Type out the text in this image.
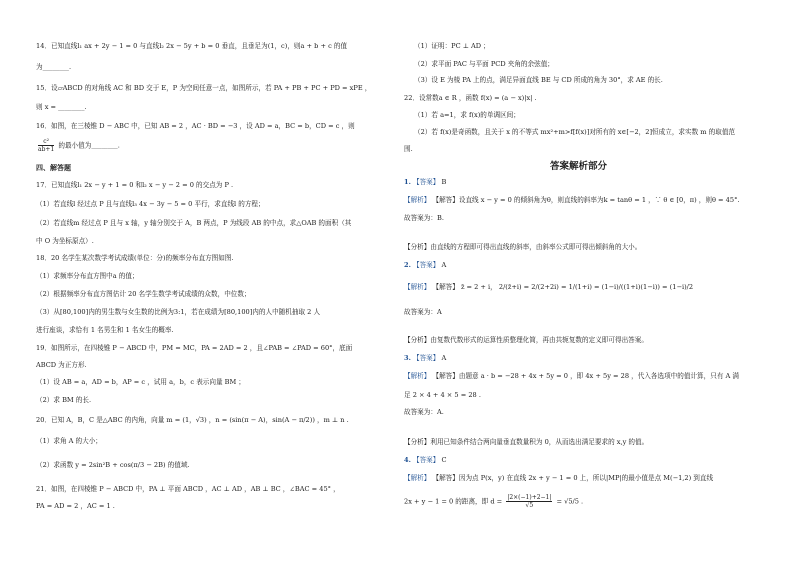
14．已知直线l₁ ax + 2y − 1 = 0 与直线l₂ 2x − 5y + b = 0 垂直，且垂足为(1，c)，则a + b + c 的值
为________.
15．设▱ABCD 的对角线 AC 和 BD 交于 E，P 为空间任意一点，如图所示，若 PA + PB + PC + PD = xPE ，
则 x = ________.
16．如图，在三棱锥 D − ABC 中，已知 AB = 2 ，AC · BD = −3 ，设 AD = a，BC = b，CD = c ，则
$\frac{\text{c²}}{ab+1}$ 的最小值为________.
四、解答题
17．已知直线l₁ 2x − y + 1 = 0 和l₂ x − y − 2 = 0 的交点为 P .
（1）若直线l 经过点 P 且与直线l₃ 4x − 3y − 5 = 0 平行，求直线l 的方程；
（2）若直线m 经过点 P 且与 x 轴，y 轴分别交于 A，B 两点，P 为线段 AB 的中点，求△OAB 的面积（其
中 O 为坐标原点）.
18．20 名学生某次数学考试成绩(单位：分)的频率分布直方图如图.
（1）求频率分布直方图中a 的值；
（2）根据频率分布直方图估计 20 名学生数学考试成绩的众数，中位数；
（3）从[80,100]内的男生数与女生数的比例为3:1，若在成绩为[80,100]内的人中随机抽取 2 人
进行座谈，求恰有 1 名男生和 1 名女生的概率.
19．如图所示，在四棱锥 P − ABCD 中，PM = MC，PA = 2AD = 2 ，且∠PAB = ∠PAD = 60°，底面
ABCD 为正方形.
（1）设 AB = a，AD = b，AP = c ，试用 a，b，c 表示向量 BM ；
（2）求 BM 的长.
20．已知 A，B，C 是△ABC 的内角，向量 m = (1，√3) ，n = (sin(π − A)，sin(A − π/2)) ，m ⊥ n .
（1）求角 A 的大小；
（2）求函数 y = 2sin²B + cos(π/3 − 2B) 的值域.
21．如图，在四棱锥 P − ABCD 中，PA ⊥ 平面 ABCD ，AC ⊥ AD ，AB ⊥ BC ，∠BAC = 45° ，
PA = AD = 2 ，AC = 1 .
（1）证明：PC ⊥ AD ；
（2）求平面 PAC 与平面 PCD 夹角的余弦值；
（3）设 E 为棱 PA 上的点，满足异面直线 BE 与 CD 所成的角为 30°，求 AE 的长.
22．设常数a ∈ R ，函数 f(x) = (a − x)|x| .
（1）若 a=1，求 f(x)的单调区间；
（2）若 f(x)是奇函数，且关于 x 的不等式 mx²+m>f[f(x)]对所有的 x∈[−2，2]恒成立，求实数 m 的取值范
围.
答案解析部分
1. 【答案】 B
【解析】 【解答】设直线 x − y = 0 的倾斜角为θ，则直线的斜率为k = tanθ = 1 ，∵ θ ∈ [0，π) ，则θ = 45°.
故答案为：B.
【分析】由直线的方程即可得出直线的斜率，由斜率公式即可得出倾斜角的大小。
2. 【答案】 A
【解析】 【解答】 z̄ = 2 + i， 2/(z̄+i) = 2/(2+2i) = 1/(1+i) = (1−i)/((1+i)(1−i)) = (1−i)/2
故答案为：A
【分析】由复数代数形式的运算性质整理化简，再由共轭复数的定义即可得出答案。
3. 【答案】 A
【解析】 【解答】由题意 a · b = −28 + 4x + 5y = 0 ，即 4x + 5y = 28 ，代入各选项中的值计算，只有 A 满
足 2 × 4 + 4 × 5 = 28 .
故答案为：A.
【分析】利用已知条件结合两向量垂直数量积为 0，从而选出满足要求的 x,y 的值。
4. 【答案】 C
【解析】 【解答】因为点 P(x，y) 在直线 2x + y − 1 = 0 上，所以|MP|的最小值是点 M(−1,2) 到直线
2x + y − 1 = 0 的距离，即 $d = \frac{|2\times(-1)+2-1|}{√5} = √5/5$ .
